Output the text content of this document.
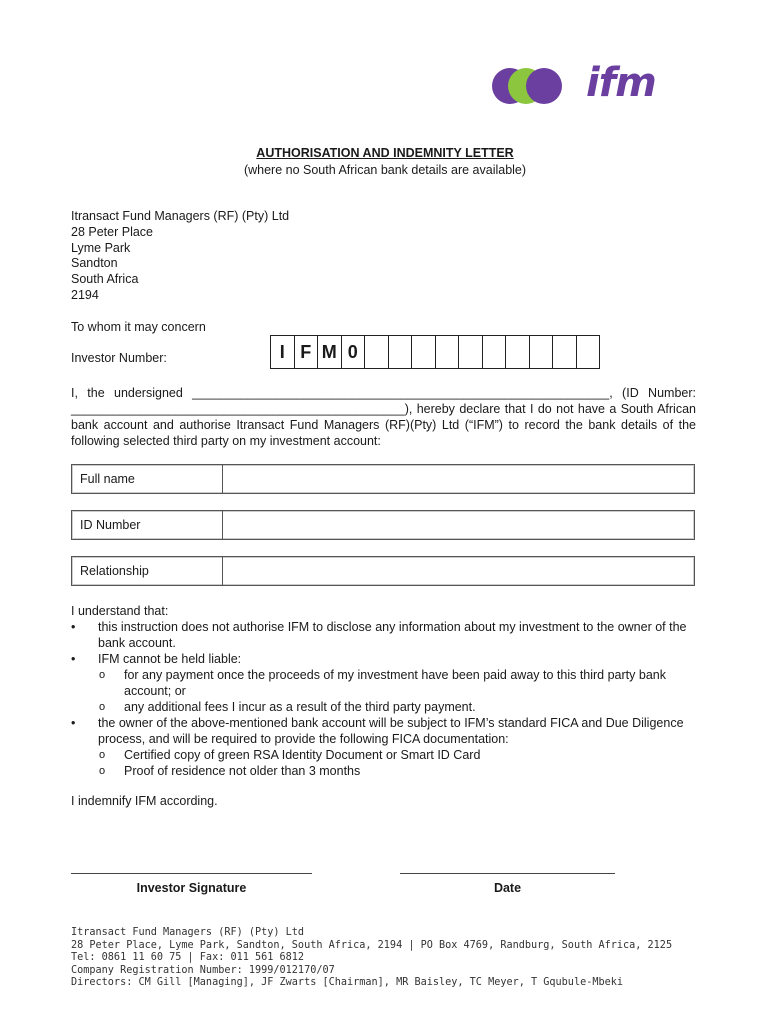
ifm
AUTHORISATION AND INDEMNITY LETTER
(where no South African bank details are available)
Itransact Fund Managers (RF) (Pty) Ltd
28 Peter Place
Lyme Park
Sandton
South Africa
2194
To whom it may concern
Investor Number:	I F M 0

I, the undersigned ____________________________________________________________, (ID Number: ________________________________________________), hereby declare that I do not have a South African bank account and authorise Itransact Fund Managers (RF)(Pty) Ltd (“IFM”) to record the bank details of the following selected third party on my investment account:

Full name
ID Number
Relationship
I understand that:
• this instruction does not authorise IFM to disclose any information about my investment to the owner of the bank account.
• IFM cannot be held liable:
o for any payment once the proceeds of my investment have been paid away to this third party bank account; or
o any additional fees I incur as a result of the third party payment.
• the owner of the above-mentioned bank account will be subject to IFM’s standard FICA and Due Diligence process, and will be required to provide the following FICA documentation:
o Certified copy of green RSA Identity Document or Smart ID Card
o Proof of residence not older than 3 months
I indemnify IFM according.
Investor Signature	Date
Itransact Fund Managers (RF) (Pty) Ltd
28 Peter Place, Lyme Park, Sandton, South Africa, 2194 | PO Box 4769, Randburg, South Africa, 2125
Tel: 0861 11 60 75 | Fax: 011 561 6812
Company Registration Number: 1999/012170/07
Directors: CM Gill [Managing], JF Zwarts [Chairman], MR Baisley, TC Meyer, T Gqubule-Mbeki
